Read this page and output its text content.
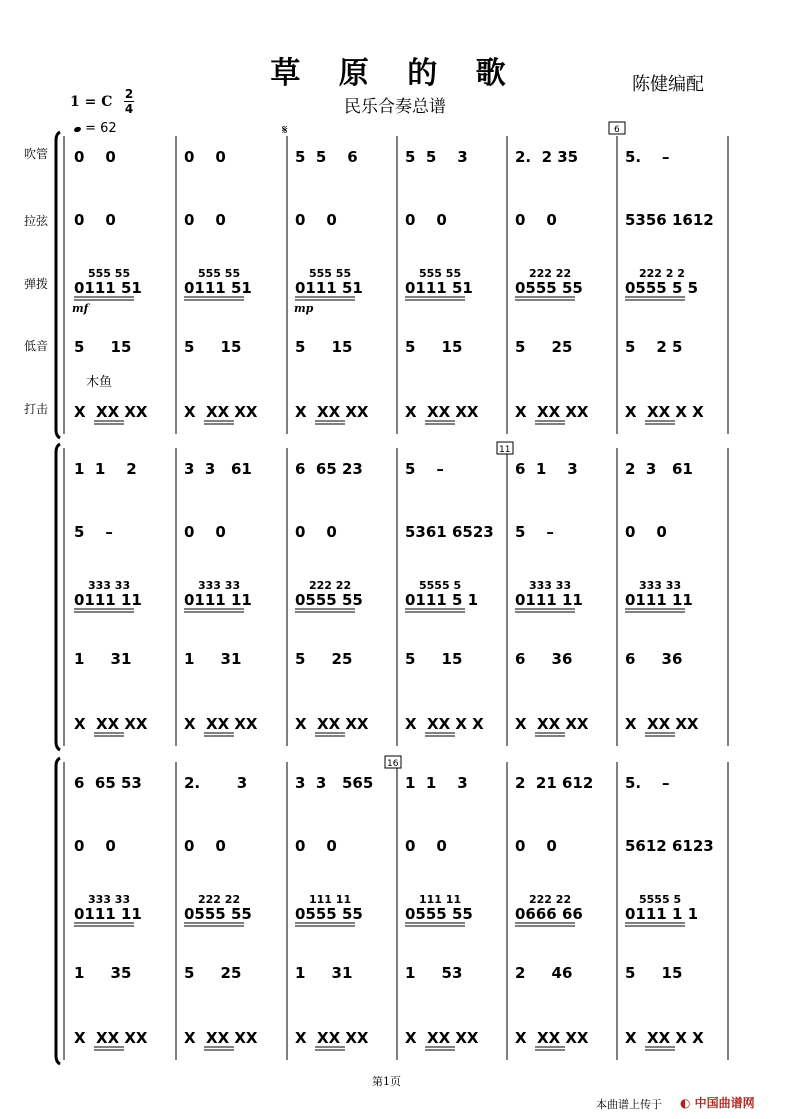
草 原 的 歌
民乐合奏总谱
陈健编配
1 = C 2
4
= 62
0    0
0    0
555 55
0111 51
5     15
X  XX XX
0    0
0    0
555 55
0111 51
5     15
X  XX XX
5  5    6
0    0
555 55
0111 51
5     15
X  XX XX
5  5    3
0    0
555 55
0111 51
5     15
X  XX XX
2.  2 35
0    0
222 22
0555 55
5     25
X  XX XX
5.    –
5356 1612
222 2 2
0555 5 5
5    2 5
X  XX X X
1  1    2
5    –
333 33
0111 11
1     31
X  XX XX
3  3   61
0    0
333 33
0111 11
1     31
X  XX XX
6  65 23
0    0
222 22
0555 55
5     25
X  XX XX
5    –
5361 6523
5555 5
0111 5 1
5     15
X  XX X X
6  1    3
5    –
333 33
0111 11
6     36
X  XX XX
2  3   61
0    0
333 33
0111 11
6     36
X  XX XX
6  65 53
0    0
333 33
0111 11
1     35
X  XX XX
2.       3
0    0
222 22
0555 55
5     25
X  XX XX
3  3   565
0    0
111 11
0555 55
1     31
X  XX XX
1  1    3
0    0
111 11
0555 55
1     53
X  XX XX
2  21 612
0    0
222 22
0666 66
2     46
X  XX XX
5.    –
5612 6123
5555 5
0111 1 1
5     15
X  XX X X
吹管
拉弦
弹拨
低音
打击
𝄋
木鱼
mf	mp
6
11
16
第1页
本曲谱上传于 ◐ 中国曲谱网
